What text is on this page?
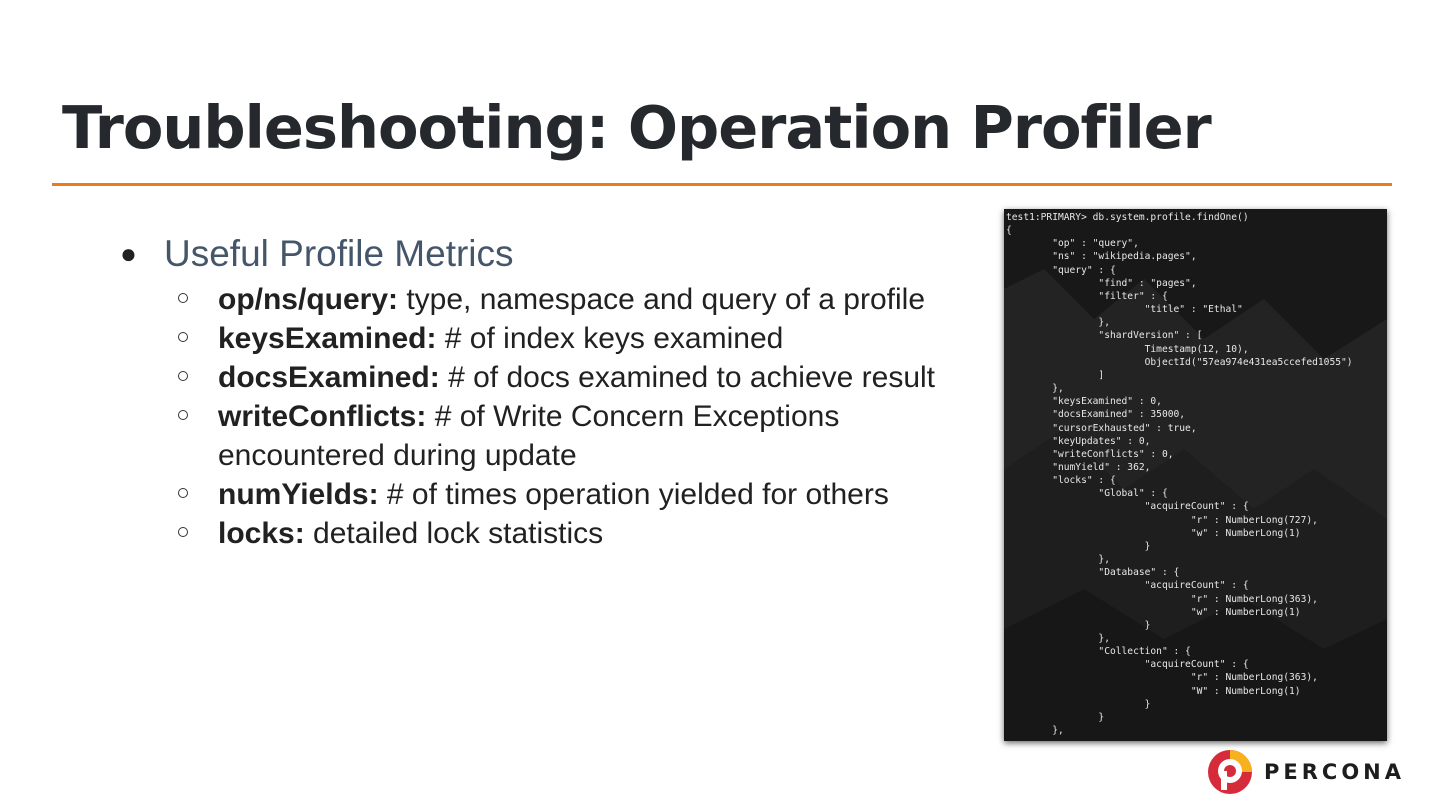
Troubleshooting: Operation Profiler
● Useful Profile Metrics
op/ns/query: type, namespace and query of a profile
keysExamined: # of index keys examined
docsExamined: # of docs examined to achieve result
writeConflicts: # of Write Concern Exceptions encountered during update
numYields: # of times operation yielded for others
locks: detailed lock statistics
test1:PRIMARY> db.system.profile.findOne()
{
"op" : "query",
"ns" : "wikipedia.pages",
"query" : {
"find" : "pages",
"filter" : {
"title" : "Ethal"
},
"shardVersion" : [
Timestamp(12, 10),
ObjectId("57ea974e431ea5ccefed1055")
]
},
"keysExamined" : 0,
"docsExamined" : 35000,
"cursorExhausted" : true,
"keyUpdates" : 0,
"writeConflicts" : 0,
"numYield" : 362,
"locks" : {
"Global" : {
"acquireCount" : {
"r" : NumberLong(727),
"w" : NumberLong(1)
}
},
"Database" : {
"acquireCount" : {
"r" : NumberLong(363),
"w" : NumberLong(1)
}
},
"Collection" : {
"acquireCount" : {
"r" : NumberLong(363),
"W" : NumberLong(1)
}
}
},
PERCONA
